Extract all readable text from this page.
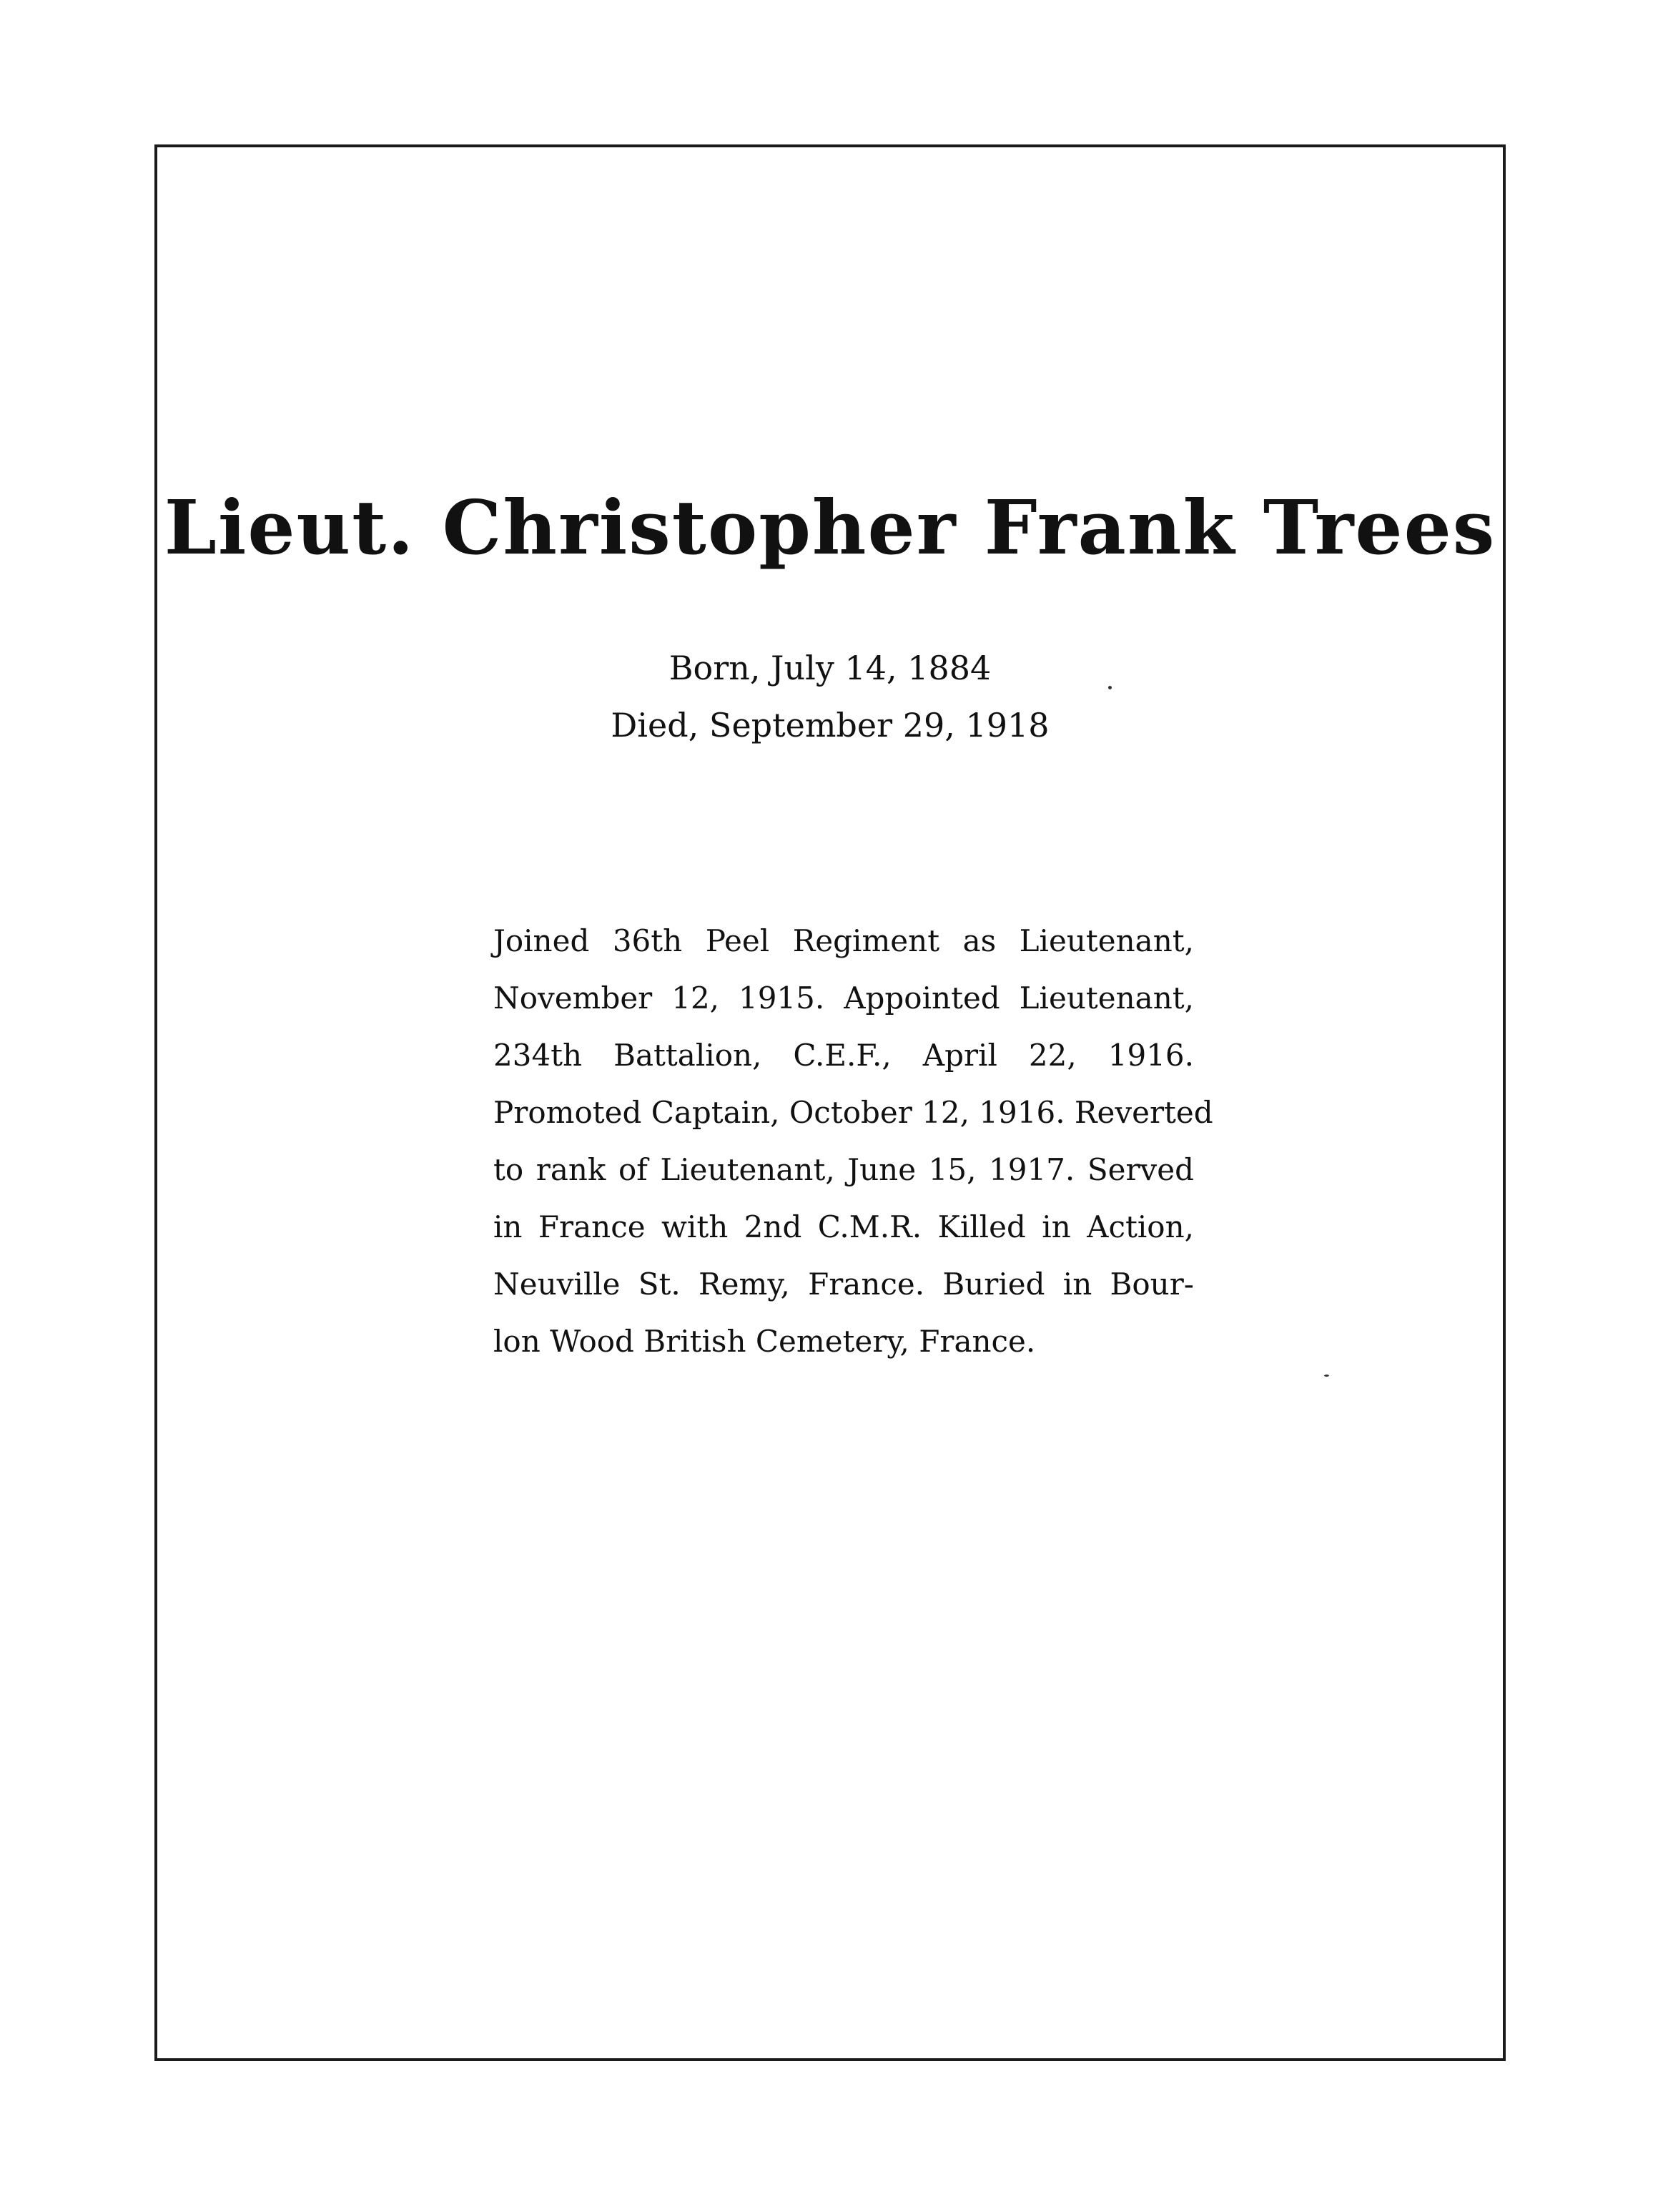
Lieut. Christopher Frank Trees
Born, July 14, 1884
Died, September 29, 1918
Joined 36th Peel Regiment as Lieutenant,
November 12, 1915. Appointed Lieutenant,
234th Battalion, C.E.F., April 22, 1916.
Promoted Captain, October 12, 1916. Reverted
to rank of Lieutenant, June 15, 1917. Served
in France with 2nd C.M.R. Killed in Action,
Neuville St. Remy, France. Buried in Bour-
lon Wood British Cemetery, France.
